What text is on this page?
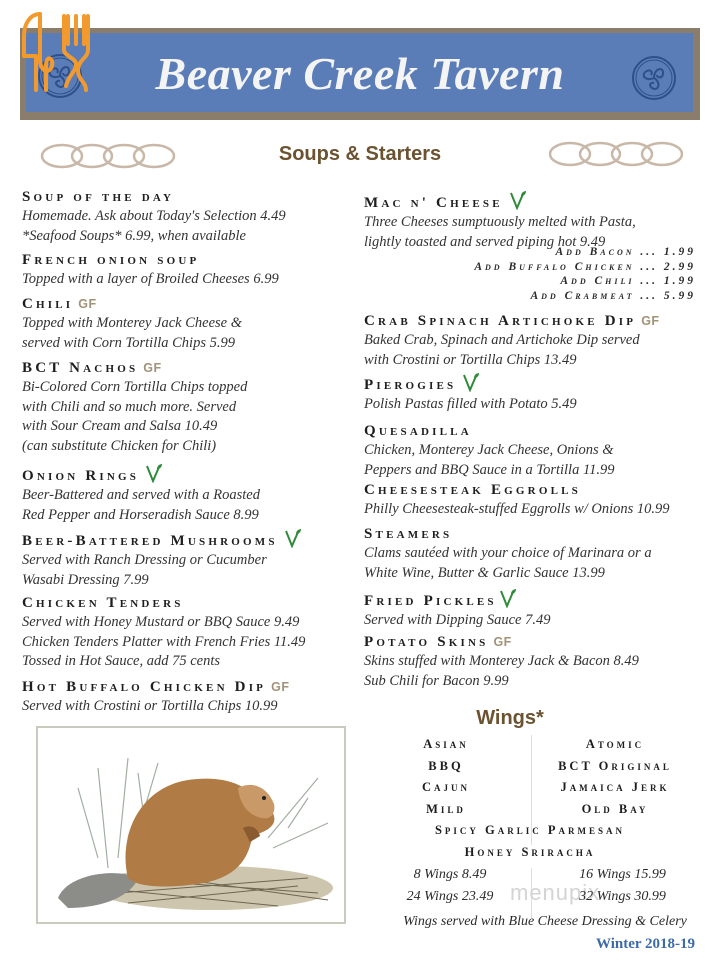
Beaver Creek Tavern
Soups & Starters
Soup of the day
Homemade. Ask about Today's Selection 4.49
*Seafood Soups* 6.99, when available
French onion soup
Topped with a layer of Broiled Cheeses 6.99
Chili GF
Topped with Monterey Jack Cheese &
served with Corn Tortilla Chips 5.99
BCT Nachos GF
Bi-Colored Corn Tortilla Chips topped
with Chili and so much more. Served
with Sour Cream and Salsa 10.49
(can substitute Chicken for Chili)
Onion Rings
Beer-Battered and served with a Roasted
Red Pepper and Horseradish Sauce 8.99
Beer-Battered Mushrooms
Served with Ranch Dressing or Cucumber
Wasabi Dressing 7.99
Chicken Tenders
Served with Honey Mustard or BBQ Sauce 9.49
Chicken Tenders Platter with French Fries 11.49
Tossed in Hot Sauce, add 75 cents
Hot Buffalo Chicken Dip GF
Served with Crostini or Tortilla Chips 10.99
Mac n' Cheese
Three Cheeses sumptuously melted with Pasta,
lightly toasted and served piping hot 9.49
Add Bacon ... 1.99
Add Buffalo Chicken ... 2.99
Add Chili ... 1.99
Add Crabmeat ... 5.99
Crab Spinach Artichoke Dip GF
Baked Crab, Spinach and Artichoke Dip served
with Crostini or Tortilla Chips 13.49
Pierogies
Polish Pastas filled with Potato 5.49
Quesadilla
Chicken, Monterey Jack Cheese, Onions &
Peppers and BBQ Sauce in a Tortilla 11.99
Cheesesteak Eggrolls
Philly Cheesesteak-stuffed Eggrolls w/ Onions 10.99
Steamers
Clams sautéed with your choice of Marinara or a
White Wine, Butter & Garlic Sauce 13.99
Fried Pickles
Served with Dipping Sauce 7.49
Potato Skins GF
Skins stuffed with Monterey Jack & Bacon 8.49
Sub Chili for Bacon 9.99
Wings*
Asian
BBQ
Cajun
Mild
Atomic
BCT Original
Jamaica Jerk
Old Bay
Spicy Garlic Parmesan
Honey Sriracha
menupix
8 Wings 8.49
24 Wings 23.49
16 Wings 15.99
32 Wings 30.99
Wings served with Blue Cheese Dressing & Celery
Winter 2018-19
